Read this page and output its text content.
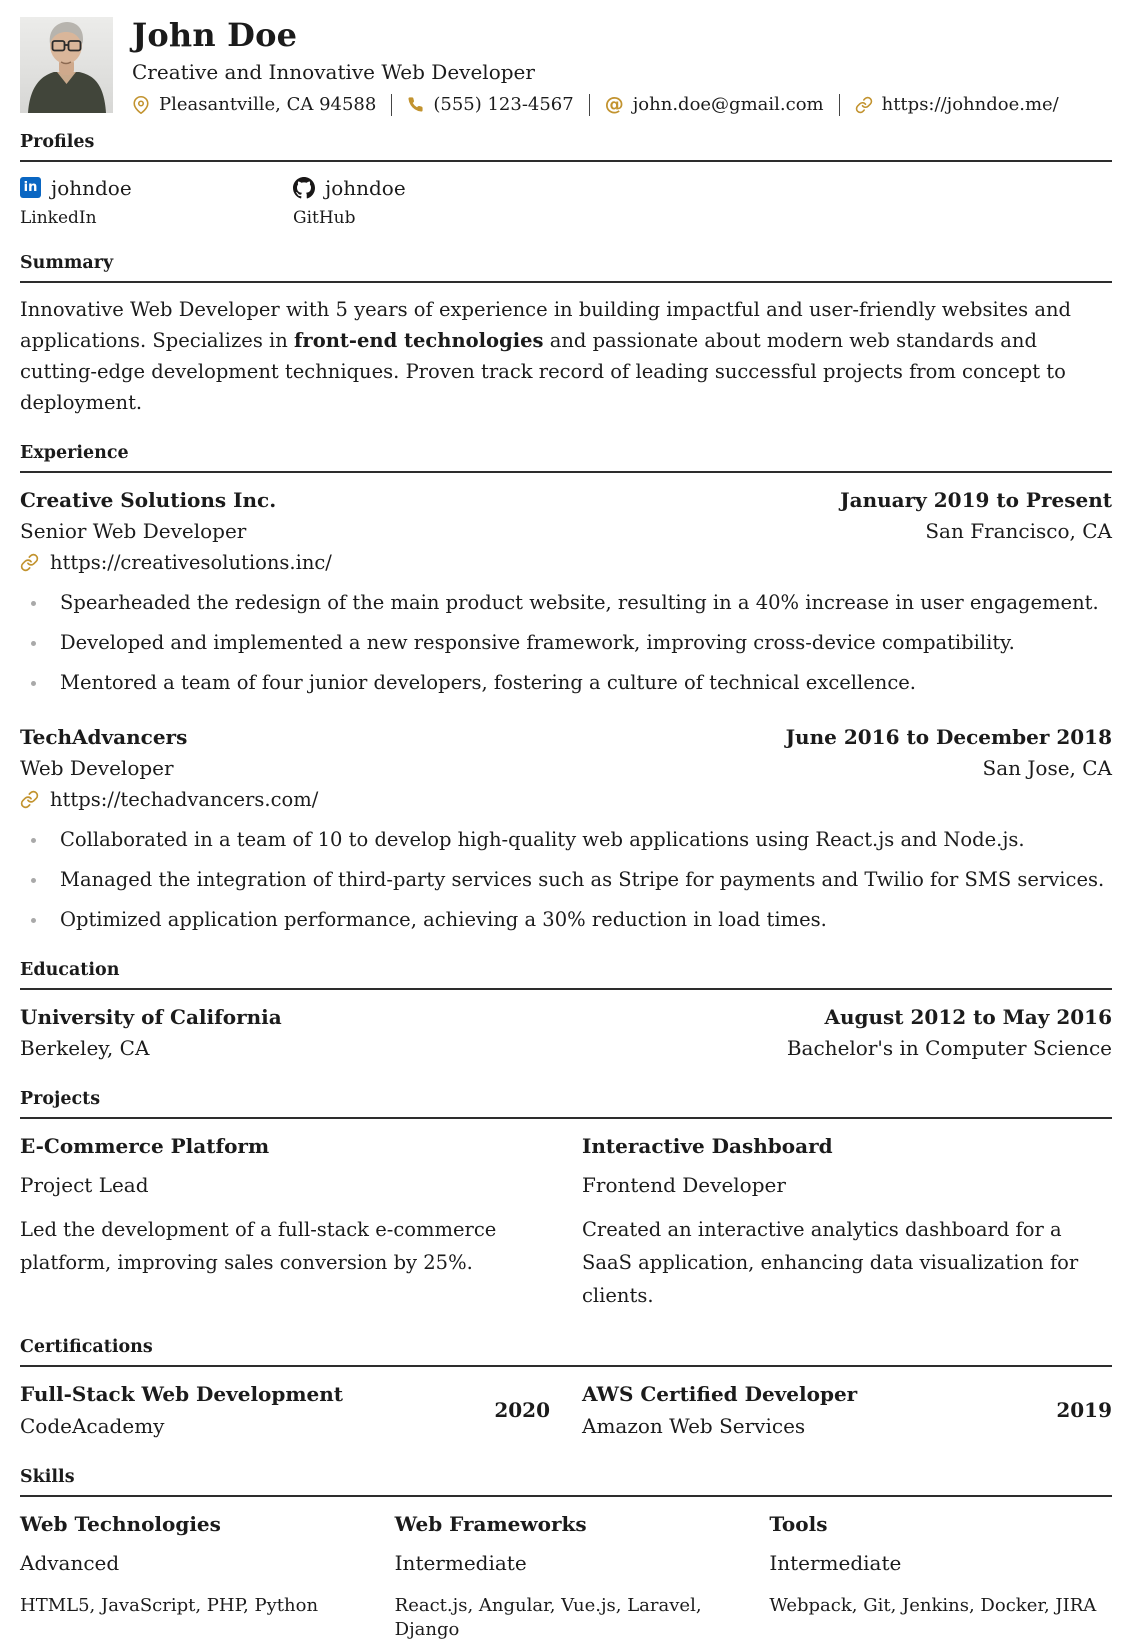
John Doe

Creative and Innovative Web Developer

Pleasantville, CA 94588	(555) 123-4567 @ john.doe@gmail.com	https://johndoe.me/
Profiles
in johndoe
LinkedIn
johndoe
GitHub
Summary

Innovative Web Developer with 5 years of experience in building impactful and user-friendly websites and applications. Specializes in front-end technologies and passionate about modern web standards and cutting-edge development techniques. Proven track record of leading successful projects from concept to deployment.

Experience
Creative Solutions Inc.	January 2019 to Present
Senior Web Developer	San Francisco, CA
https://creativesolutions.inc/
Spearheaded the redesign of the main product website, resulting in a 40% increase in user engagement.
Developed and implemented a new responsive framework, improving cross-device compatibility.
Mentored a team of four junior developers, fostering a culture of technical excellence.
TechAdvancers	June 2016 to December 2018
Web Developer	San Jose, CA
https://techadvancers.com/
Collaborated in a team of 10 to develop high-quality web applications using React.js and Node.js.
Managed the integration of third-party services such as Stripe for payments and Twilio for SMS services.
Optimized application performance, achieving a 30% reduction in load times.
Education
University of California	August 2012 to May 2016
Berkeley, CA	Bachelor's in Computer Science
Projects
E-Commerce Platform
Project Lead
Led the development of a full-stack e-commerce platform, improving sales conversion by 25%.
Interactive Dashboard
Frontend Developer
Created an interactive analytics dashboard for a SaaS application, enhancing data visualization for clients.
Certifications
Full-Stack Web Development
CodeAcademy
2020
AWS Certified Developer
Amazon Web Services
2019
Skills
Web Technologies
Advanced
HTML5, JavaScript, PHP, Python
Web Frameworks
Intermediate
React.js, Angular, Vue.js, Laravel, Django
Tools
Intermediate
Webpack, Git, Jenkins, Docker, JIRA
